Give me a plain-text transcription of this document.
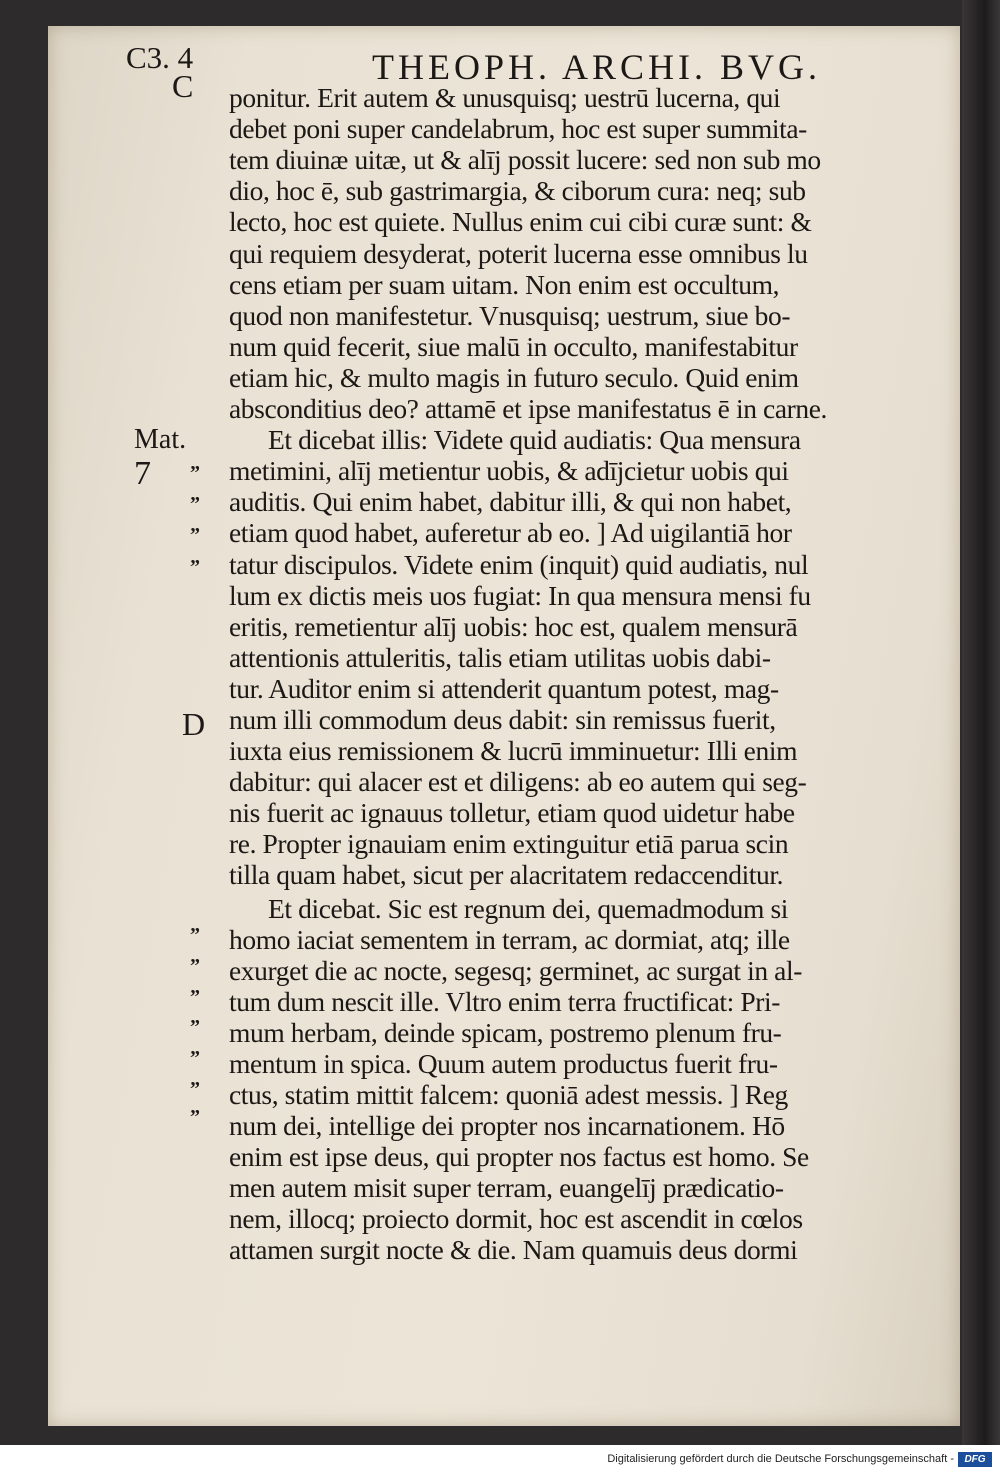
C3. 4
C	THEOPH. ARCHI. BVG.
Mat.
7
D
”
”
”
”
”
”
”
”
”
”
”
ponitur. Erit autem & unusquisq; uestrū lucerna, qui
debet poni super candelabrum, hoc est super summita-
tem diuinæ uitæ, ut & alīj possit lucere: sed non sub mo
dio, hoc ē, sub gastrimargia, & ciborum cura: neq; sub
lecto, hoc est quiete. Nullus enim cui cibi curæ sunt: &
qui requiem desyderat, poterit lucerna esse omnibus lu
cens etiam per suam uitam. Non enim est occultum,
quod non manifestetur. Vnusquisq; uestrum, siue bo-
num quid fecerit, siue malū in occulto, manifestabitur
etiam hic, & multo magis in futuro seculo. Quid enim
absconditius deo? attamē et ipse manifestatus ē in carne.
Et dicebat illis: Videte quid audiatis: Qua mensura
metimini, alīj metientur uobis, & adījcietur uobis qui
auditis. Qui enim habet, dabitur illi, & qui non habet,
etiam quod habet, auferetur ab eo. ] Ad uigilantiā hor
tatur discipulos. Videte enim (inquit) quid audiatis, nul
lum ex dictis meis uos fugiat: In qua mensura mensi fu
eritis, remetientur alīj uobis: hoc est, qualem mensurā
attentionis attuleritis, talis etiam utilitas uobis dabi-
tur. Auditor enim si attenderit quantum potest, mag-
num illi commodum deus dabit: sin remissus fuerit,
iuxta eius remissionem & lucrū imminuetur: Illi enim
dabitur: qui alacer est et diligens: ab eo autem qui seg-
nis fuerit ac ignauus tolletur, etiam quod uidetur habe
re. Propter ignauiam enim extinguitur etiā parua scin
tilla quam habet, sicut per alacritatem redaccenditur.
Et dicebat. Sic est regnum dei, quemadmodum si
homo iaciat sementem in terram, ac dormiat, atq; ille
exurget die ac nocte, segesq; germinet, ac surgat in al-
tum dum nescit ille. Vltro enim terra fructificat: Pri-
mum herbam, deinde spicam, postremo plenum fru-
mentum in spica. Quum autem productus fuerit fru-
ctus, statim mittit falcem: quoniā adest messis. ] Reg
num dei, intellige dei propter nos incarnationem. Hō
enim est ipse deus, qui propter nos factus est homo. Se
men autem misit super terram, euangelīj prædicatio-
nem, illocq; proiecto dormit, hoc est ascendit in cœlos
attamen surgit nocte & die. Nam quamuis deus dormi
Digitalisierung gefördert durch die Deutsche Forschungsgemeinschaft -	DFG
